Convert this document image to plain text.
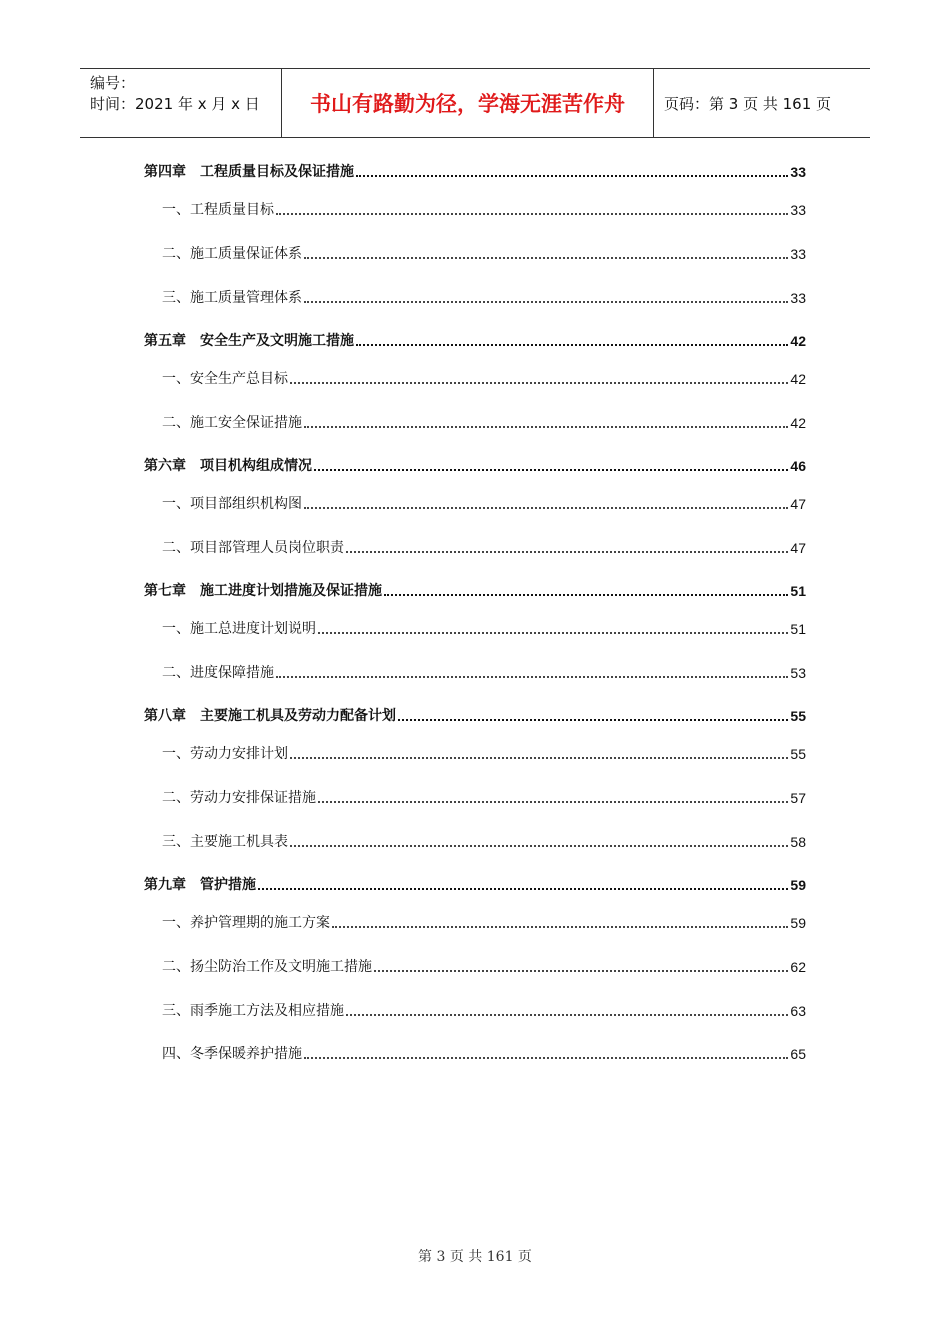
编号：
时间：2021 年 x 月 x 日	书山有路勤为径，学海无涯苦作舟	页码：第 3 页 共 161 页
第四章　工程质量目标及保证措施	33
一、工程质量目标	33
二、施工质量保证体系	33
三、施工质量管理体系	33
第五章　安全生产及文明施工措施	42
一、安全生产总目标	42
二、施工安全保证措施	42
第六章　项目机构组成情况	46
一、项目部组织机构图	47
二、项目部管理人员岗位职责	47
第七章　施工进度计划措施及保证措施	51
一、施工总进度计划说明	51
二、进度保障措施	53
第八章　主要施工机具及劳动力配备计划	55
一、劳动力安排计划	55
二、劳动力安排保证措施	57
三、主要施工机具表	58
第九章　管护措施	59
一、养护管理期的施工方案	59
二、扬尘防治工作及文明施工措施	62
三、雨季施工方法及相应措施	63
四、冬季保暖养护措施	65
第 3 页 共 161 页
